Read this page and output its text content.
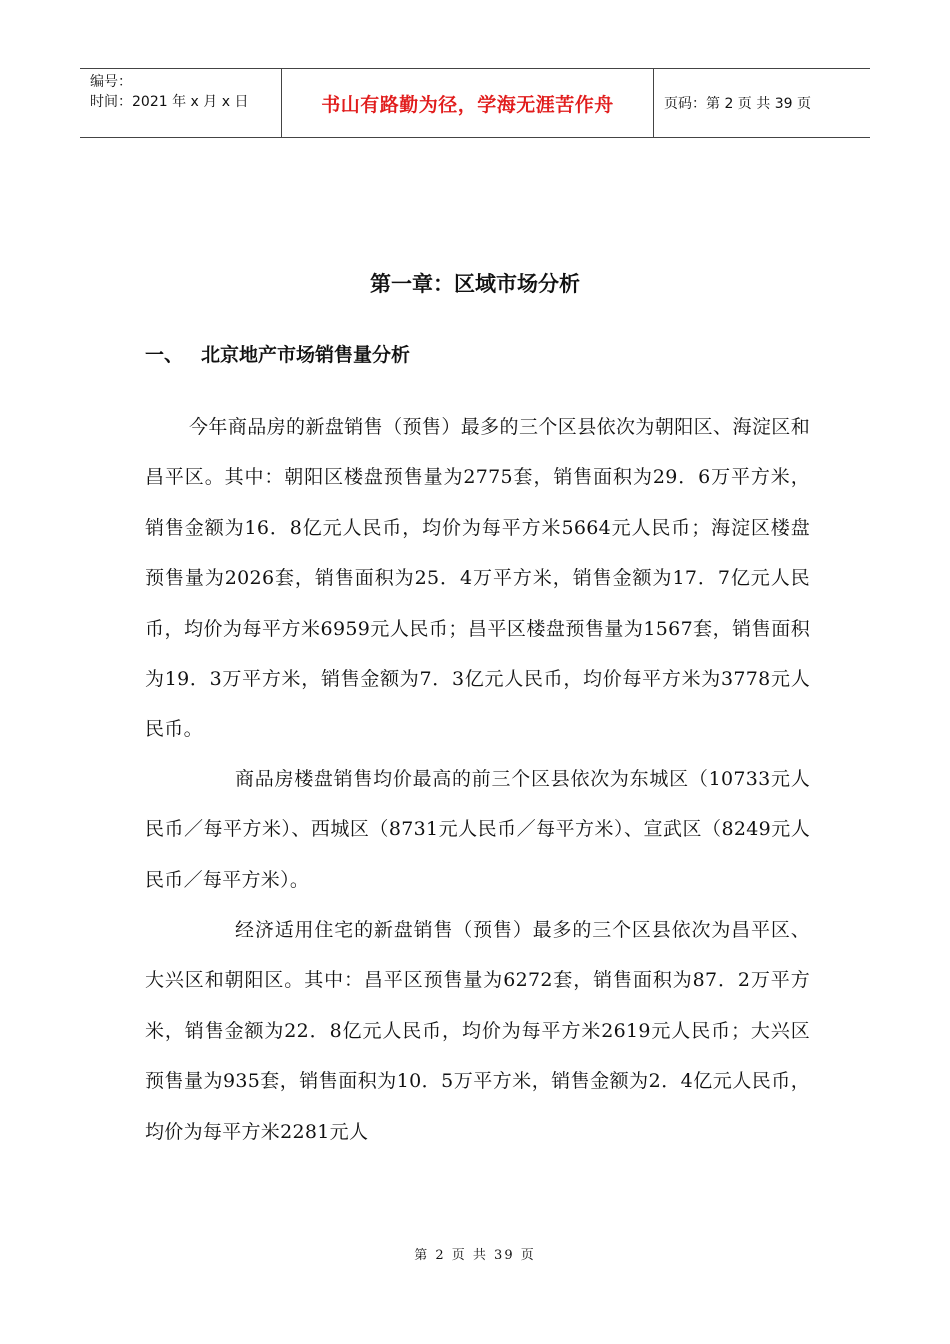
编号：
时间：2021 年 x 月 x 日	书山有路勤为径，学海无涯苦作舟	页码：第 2 页 共 39 页
第一章：区域市场分析
一、 北京地产市场销售量分析
今年商品房的新盘销售（预售）最多的三个区县依次为朝阳区、海淀区和昌平区。其中：朝阳区楼盘预售量为2775套，销售面积为29．6万平方米，销售金额为16．8亿元人民币，均价为每平方米5664元人民币；海淀区楼盘预售量为2026套，销售面积为25．4万平方米，销售金额为17．7亿元人民币，均价为每平方米6959元人民币；昌平区楼盘预售量为1567套，销售面积为19．3万平方米，销售金额为7．3亿元人民币，均价每平方米为3778元人民币。
商品房楼盘销售均价最高的前三个区县依次为东城区（10733元人民币／每平方米）、西城区（8731元人民币／每平方米）、宣武区（8249元人民币／每平方米）。
经济适用住宅的新盘销售（预售）最多的三个区县依次为昌平区、大兴区和朝阳区。其中：昌平区预售量为6272套，销售面积为87．2万平方米，销售金额为22．8亿元人民币，均价为每平方米2619元人民币；大兴区预售量为935套，销售面积为10．5万平方米，销售金额为2．4亿元人民币，均价为每平方米2281元人
第 2 页 共 39 页
